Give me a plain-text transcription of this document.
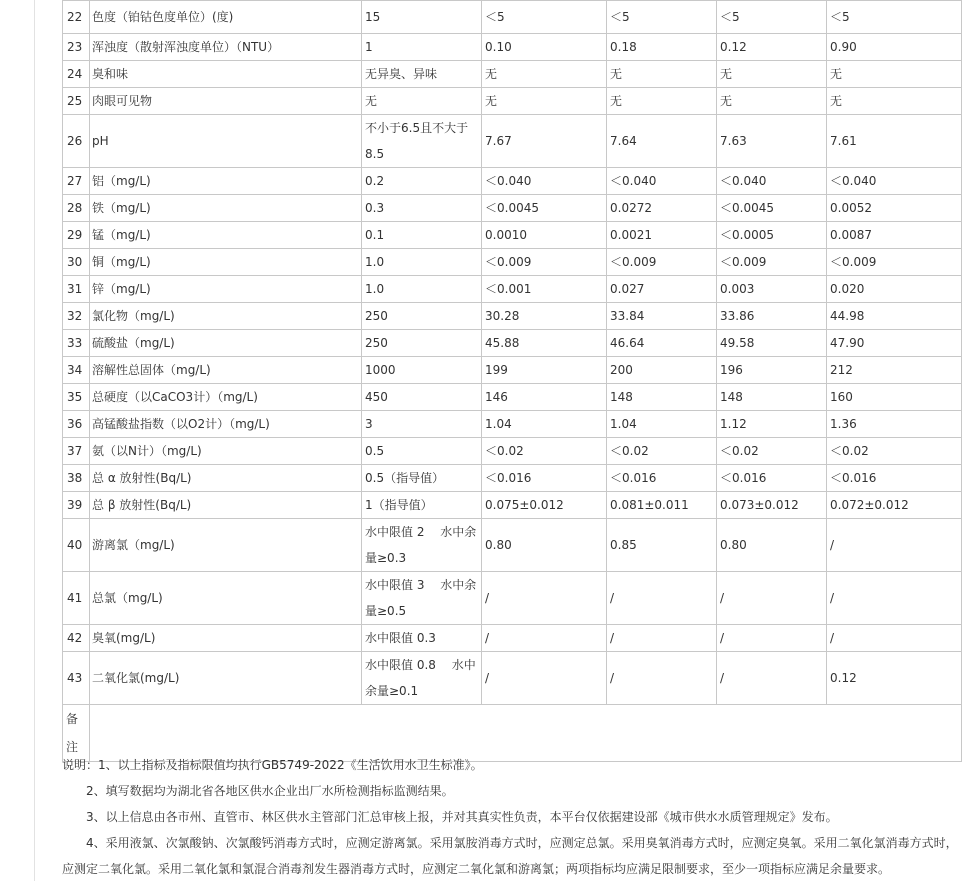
22	色度（铂钴色度单位）(度)	15	＜5	＜5	＜5	＜5
23	浑浊度（散射浑浊度单位）（NTU）	1	0.10	0.18	0.12	0.90
24	臭和味	无异臭、异味	无	无	无	无
25	肉眼可见物	无	无	无	无	无
26	pH	不小于6.5且不大于8.5	7.67	7.64	7.63	7.61
27	铝（mg/L)	0.2	＜0.040	＜0.040	＜0.040	＜0.040
28	铁（mg/L)	0.3	＜0.0045	0.0272	＜0.0045	0.0052
29	锰（mg/L)	0.1	0.0010	0.0021	＜0.0005	0.0087
30	铜（mg/L)	1.0	＜0.009	＜0.009	＜0.009	＜0.009
31	锌（mg/L)	1.0	＜0.001	0.027	0.003	0.020
32	氯化物（mg/L)	250	30.28	33.84	33.86	44.98
33	硫酸盐（mg/L)	250	45.88	46.64	49.58	47.90
34	溶解性总固体（mg/L)	1000	199	200	196	212
35	总硬度（以CaCO3计）（mg/L)	450	146	148	148	160
36	高锰酸盐指数（以O2计）（mg/L)	3	1.04	1.04	1.12	1.36
37	氨（以N计）（mg/L)	0.5	＜0.02	＜0.02	＜0.02	＜0.02
38	总 α 放射性(Bq/L)	0.5（指导值）	＜0.016	＜0.016	＜0.016	＜0.016
39	总 β 放射性(Bq/L)	1（指导值）	0.075±0.012	0.081±0.011	0.073±0.012	0.072±0.012
40	游离氯（mg/L)	水中限值 2　 水中余量≥0.3	0.80	0.85	0.80	/
41	总氯（mg/L)	水中限值 3　 水中余量≥0.5	/	/	/	/
42	臭氧(mg/L)	水中限值 0.3	/	/	/	/
43	二氧化氯(mg/L)	水中限值 0.8　 水中余量≥0.1	/	/	/	0.12
备注						

说明：1、以上指标及指标限值均执行GB5749-2022《生活饮用水卫生标准》。

2、填写数据均为湖北省各地区供水企业出厂水所检测指标监测结果。

3、以上信息由各市州、直管市、林区供水主管部门汇总审核上报，并对其真实性负责，本平台仅依据建设部《城市供水水质管理规定》发布。

4、采用液氯、次氯酸钠、次氯酸钙消毒方式时，应测定游离氯。采用氯胺消毒方式时，应测定总氯。采用臭氧消毒方式时，应测定臭氧。采用二氧化氯消毒方式时，应测定二氧化氯。采用二氧化氯和氯混合消毒剂发生器消毒方式时，应测定二氧化氯和游离氯；两项指标均应满足限制要求，至少一项指标应满足余量要求。
